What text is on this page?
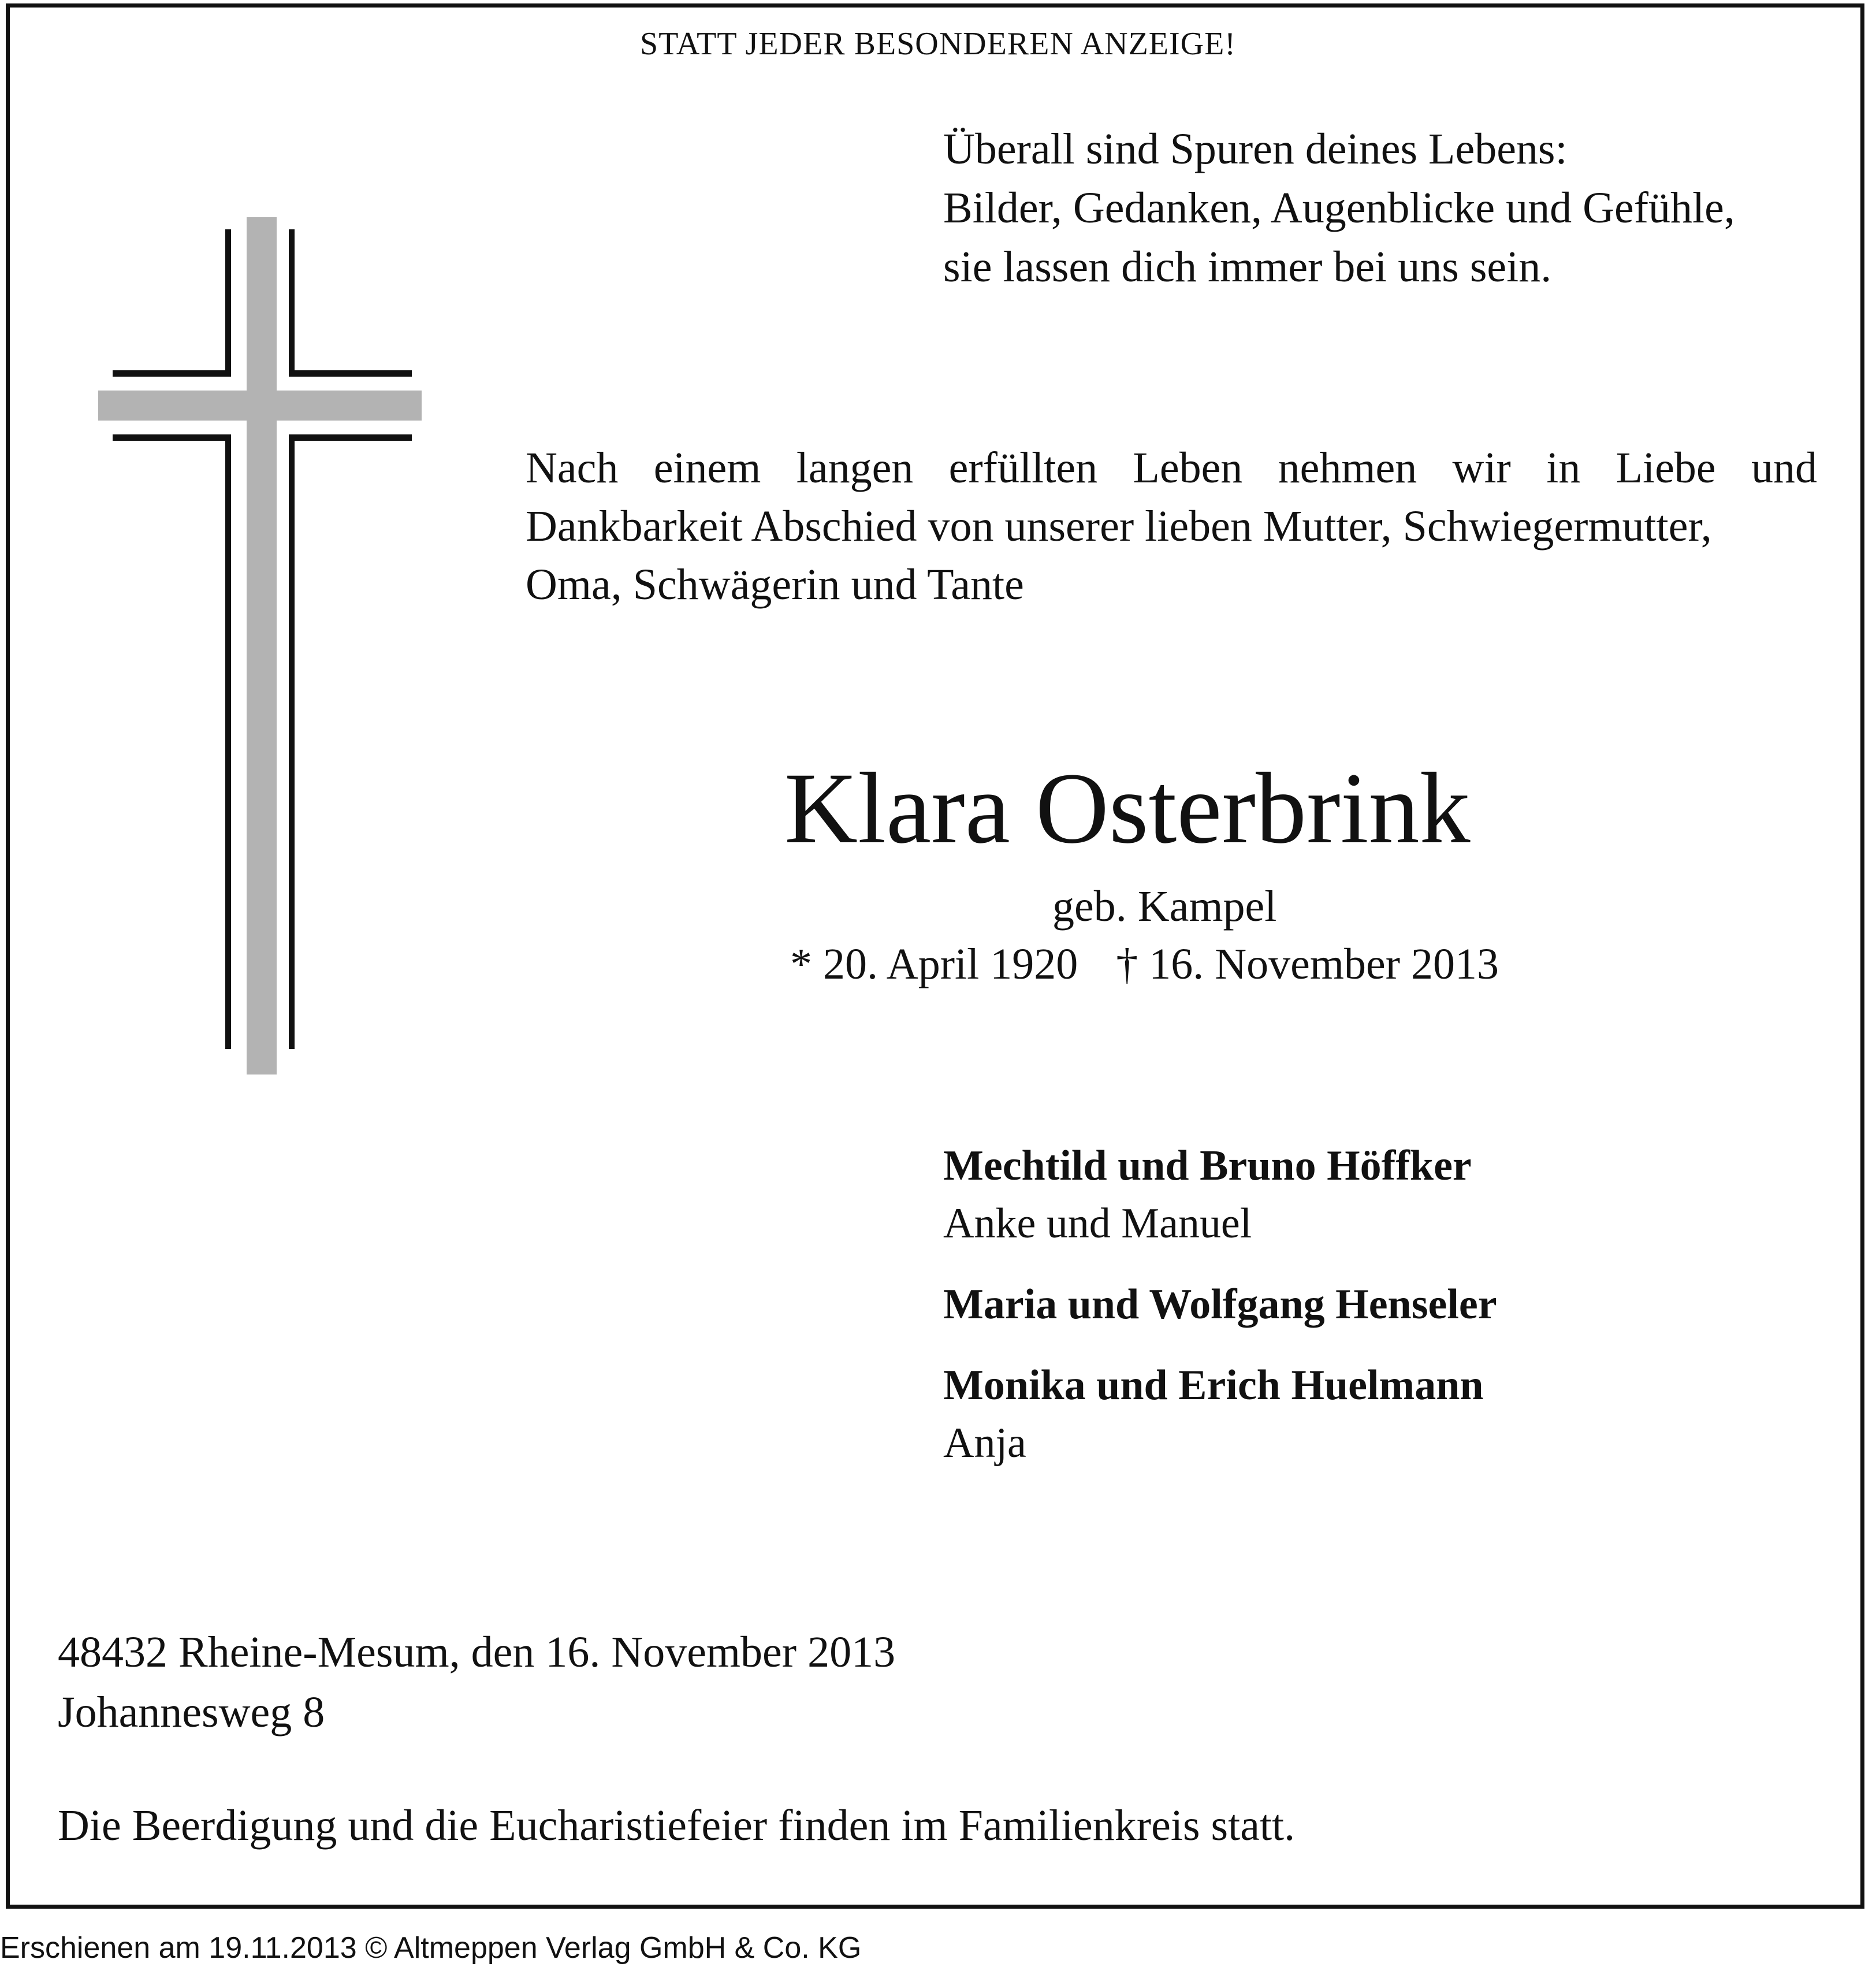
STATT JEDER BESONDEREN ANZEIGE!
Überall sind Spuren deines Lebens:
Bilder, Gedanken, Augenblicke und Gefühle,
sie lassen dich immer bei uns sein.
Nach einem langen erfüllten Leben nehmen wir in Liebe und
Dankbarkeit Abschied von unserer lieben Mutter, Schwiegermutter,
Oma, Schwägerin und Tante
Klara Osterbrink
geb. Kampel
* 20. April 1920 † 16. November 2013
Mechtild und Bruno Höffker
Anke und Manuel
Maria und Wolfgang Henseler
Monika und Erich Huelmann
Anja
48432 Rheine-Mesum, den 16. November 2013
Johannesweg 8
Die Beerdigung und die Eucharistiefeier finden im Familienkreis statt.
Erschienen am 19.11.2013 © Altmeppen Verlag GmbH & Co. KG
